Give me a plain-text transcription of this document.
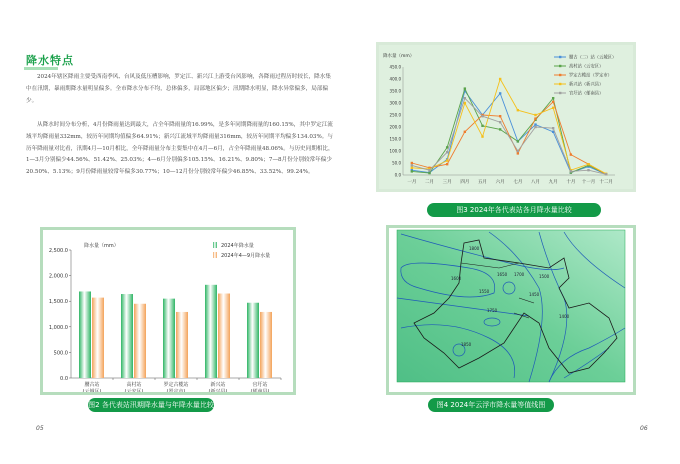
降水特点
2024年辖区降雨主要受西南季风、台风及低压槽影响，罗定江、新兴江上游受台风影响，各降雨过程历时较长，降水集中在汛期，暴雨期降水量明显偏多。全市降水分布不均，总体偏多，局部地区偏少；汛期降水明显，降水异常偏多，局部偏少。
从降水时间分布分析，4月份降雨量达到最大，占全年降雨量的16.99%，是多年同期降雨量的160.15%，其中罗定江流域平均降雨量332mm，较历年同期均值偏多64.91%；新兴江流域平均降雨量316mm，较历年同期平均偏多134.03%。与历年降雨量对比看，汛期4月—10月相比，全年降雨量分布主要集中在4月—6月，占全年降雨量48.06%。与历史同期相比，1—3月分别偏少44.56%、51.42%、25.03%；4—6月分别偏多105.15%、16.21%、9.80%；7—8月份分别较常年偏少20.50%、5.13%；9月份降雨量较常年偏多30.77%；10—12月份分别较常年偏少46.85%、33.52%、99.24%。
降水量（mm）
0.0
500.0
1,000.0
1,500.0
2,000.0
2,500.0
腰古站
(云城区)
高村站
(云安区)
罗定古榄站
(罗定市)
新兴站
(新兴县)
官圩站
(郁南县)
2024年降水量
2024年4—9月降水量
图2 各代表站汛期降水量与年降水量比较
降水量（mm）
0.0
50.0
100.0
150.0
200.0
250.0
300.0
350.0
400.0
450.0
一月 二月 三月 四月 五月 六月 七月 八月 九月 十月 十一月 十二月
腰古（二）站（云城区）
高村站（云安区）
罗定古榄站（罗定市）
新兴站（新兴县）
官圩站（郁南县）
图3 2024年各代表站各月降水量比较
1800
1650 1700
1600
1550
1500
1450
1400
1750
1850
图4 2024年云浮市降水量等值线图(mm)
05	06
